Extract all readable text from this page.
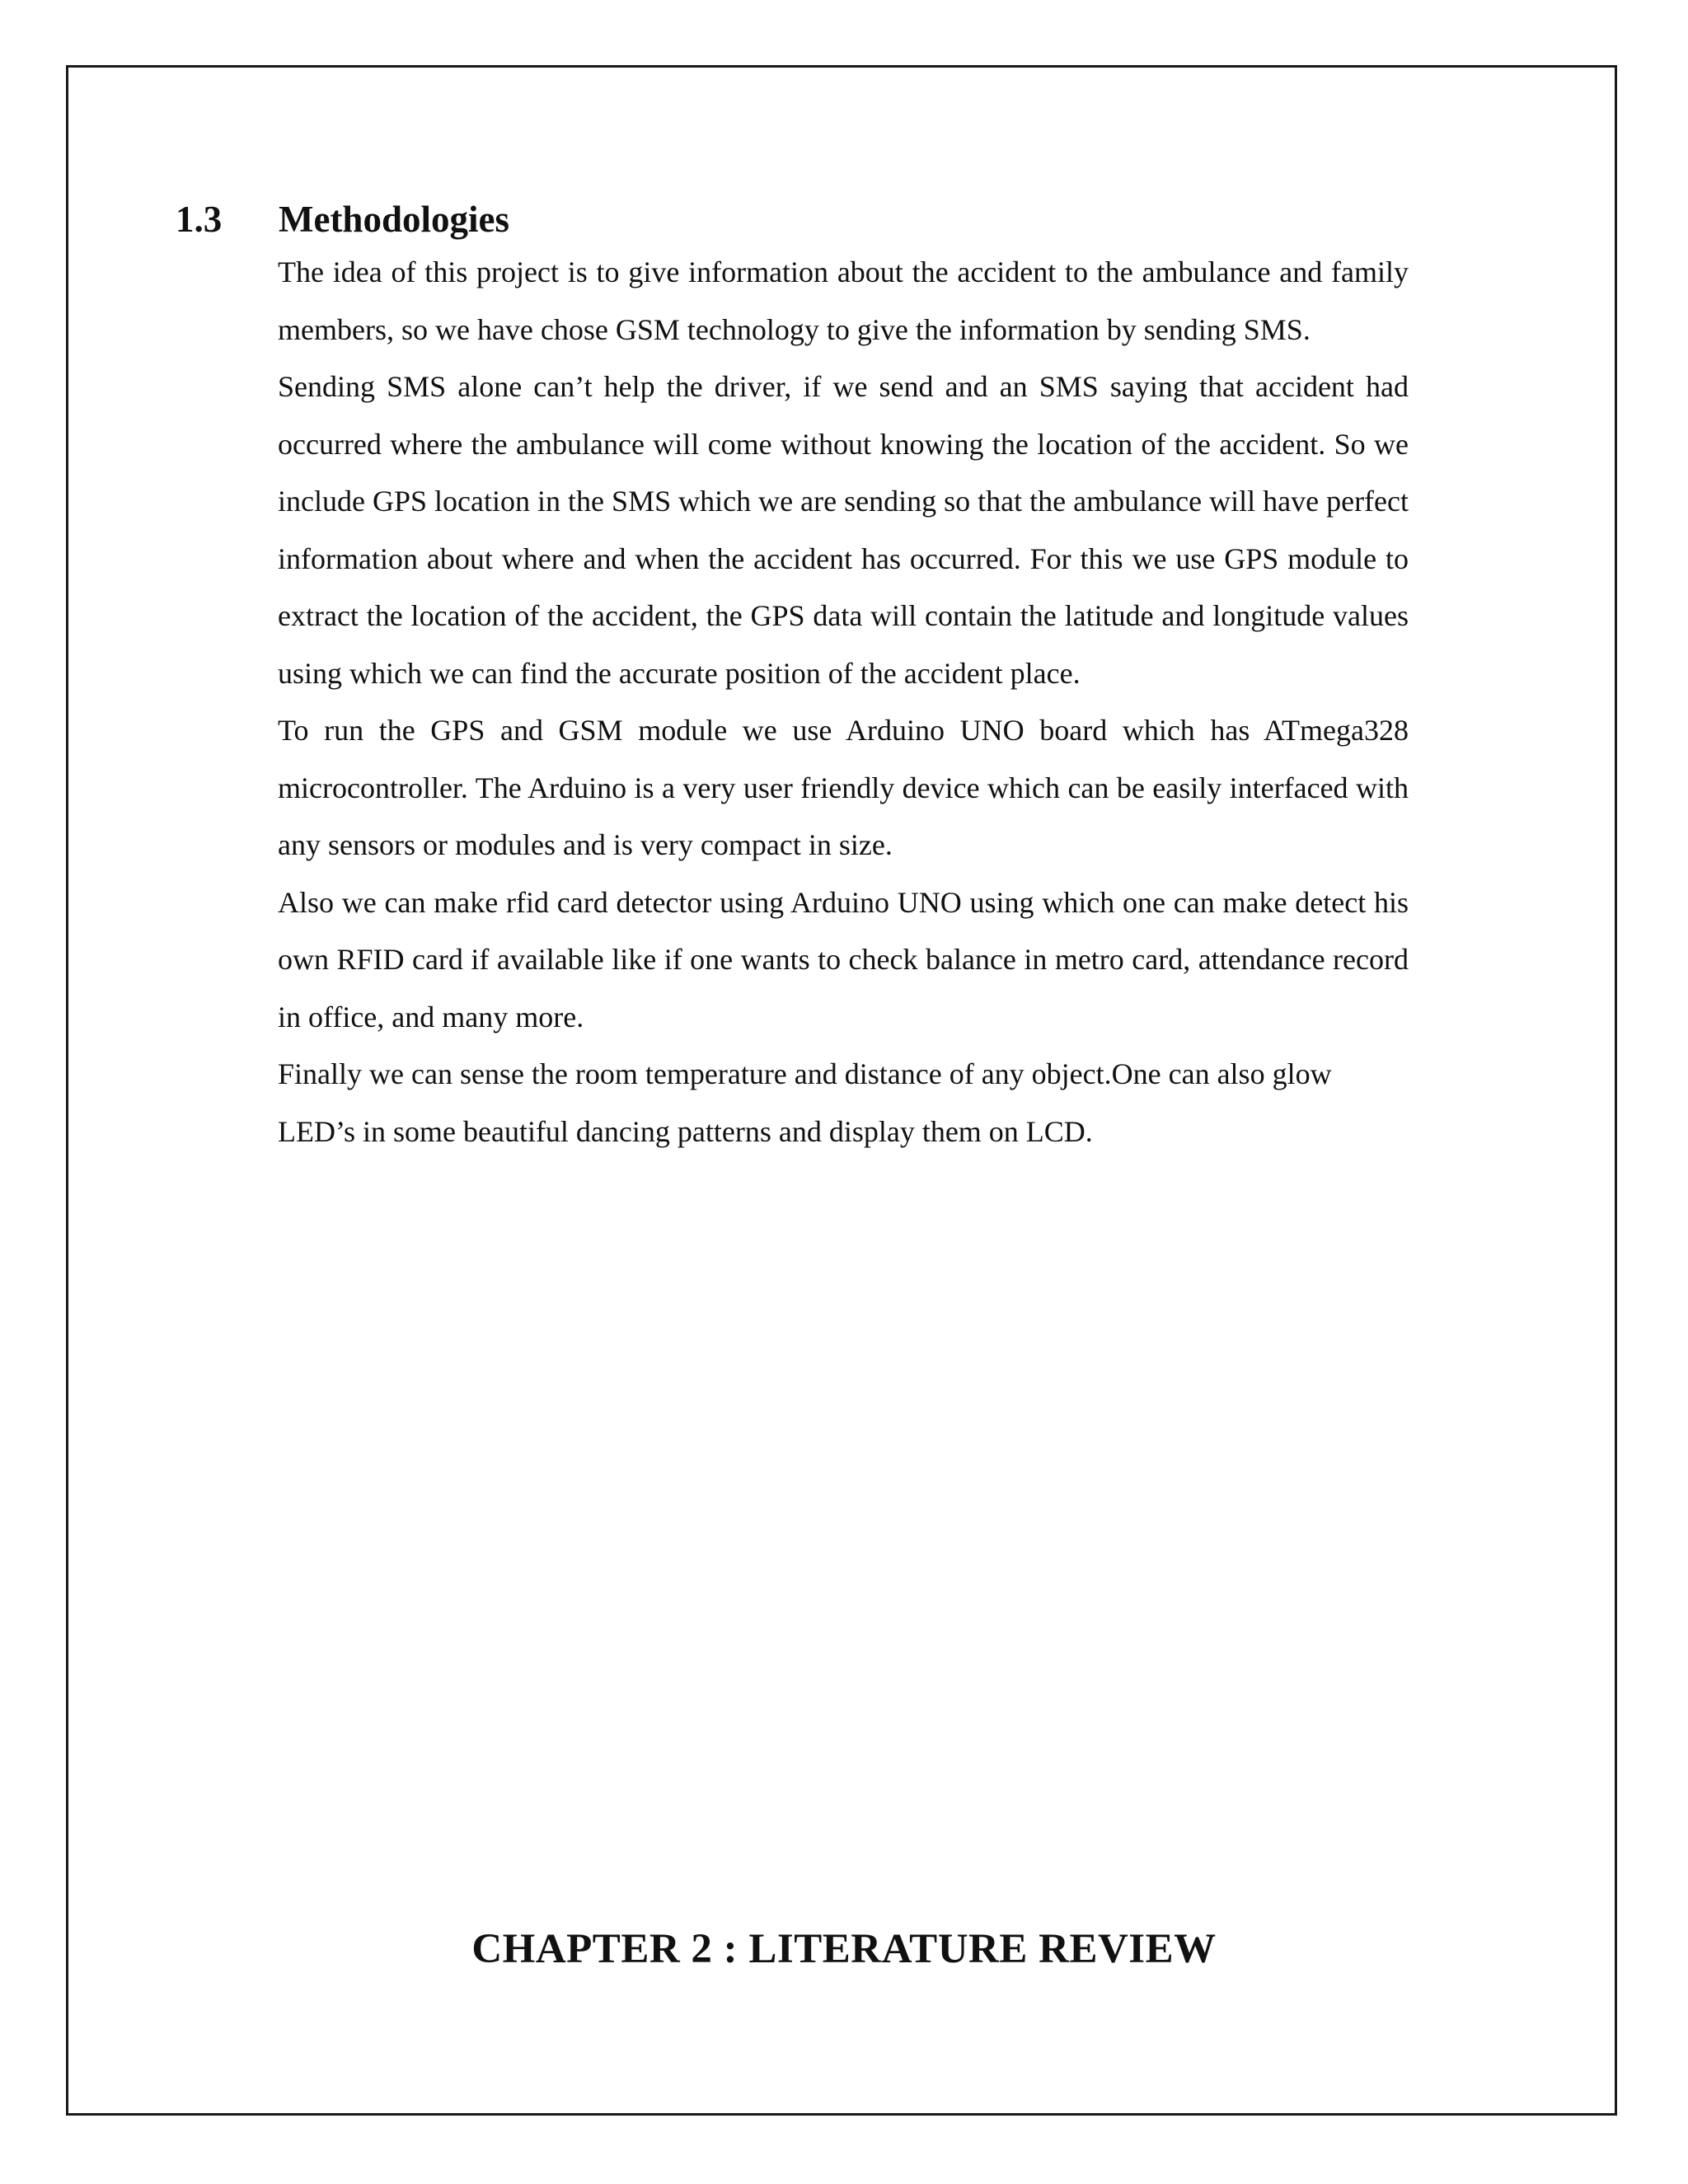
1.3 Methodologies

The idea of this project is to give information about the accident to the ambulance and family members, so we have chose GSM technology to give the information by sending SMS.

Sending SMS alone can’t help the driver, if we send and an SMS saying that accident had occurred where the ambulance will come without knowing the location of the accident. So we include GPS location in the SMS which we are sending so that the ambulance will have perfect information about where and when the accident has occurred. For this we use GPS module to extract the location of the accident, the GPS data will contain the latitude and longitude values using which we can find the accurate position of the accident place.

To run the GPS and GSM module we use Arduino UNO board which has ATmega328 microcontroller. The Arduino is a very user friendly device which can be easily interfaced with any sensors or modules and is very compact in size.

Also we can make rfid card detector using Arduino UNO using which one can make detect his own RFID card if available like if one wants to check balance in metro card, attendance record in office, and many more.

Finally we can sense the room temperature and distance of any object.One can also glow LED’s in some beautiful dancing patterns and display them on LCD.

CHAPTER 2 : LITERATURE REVIEW
